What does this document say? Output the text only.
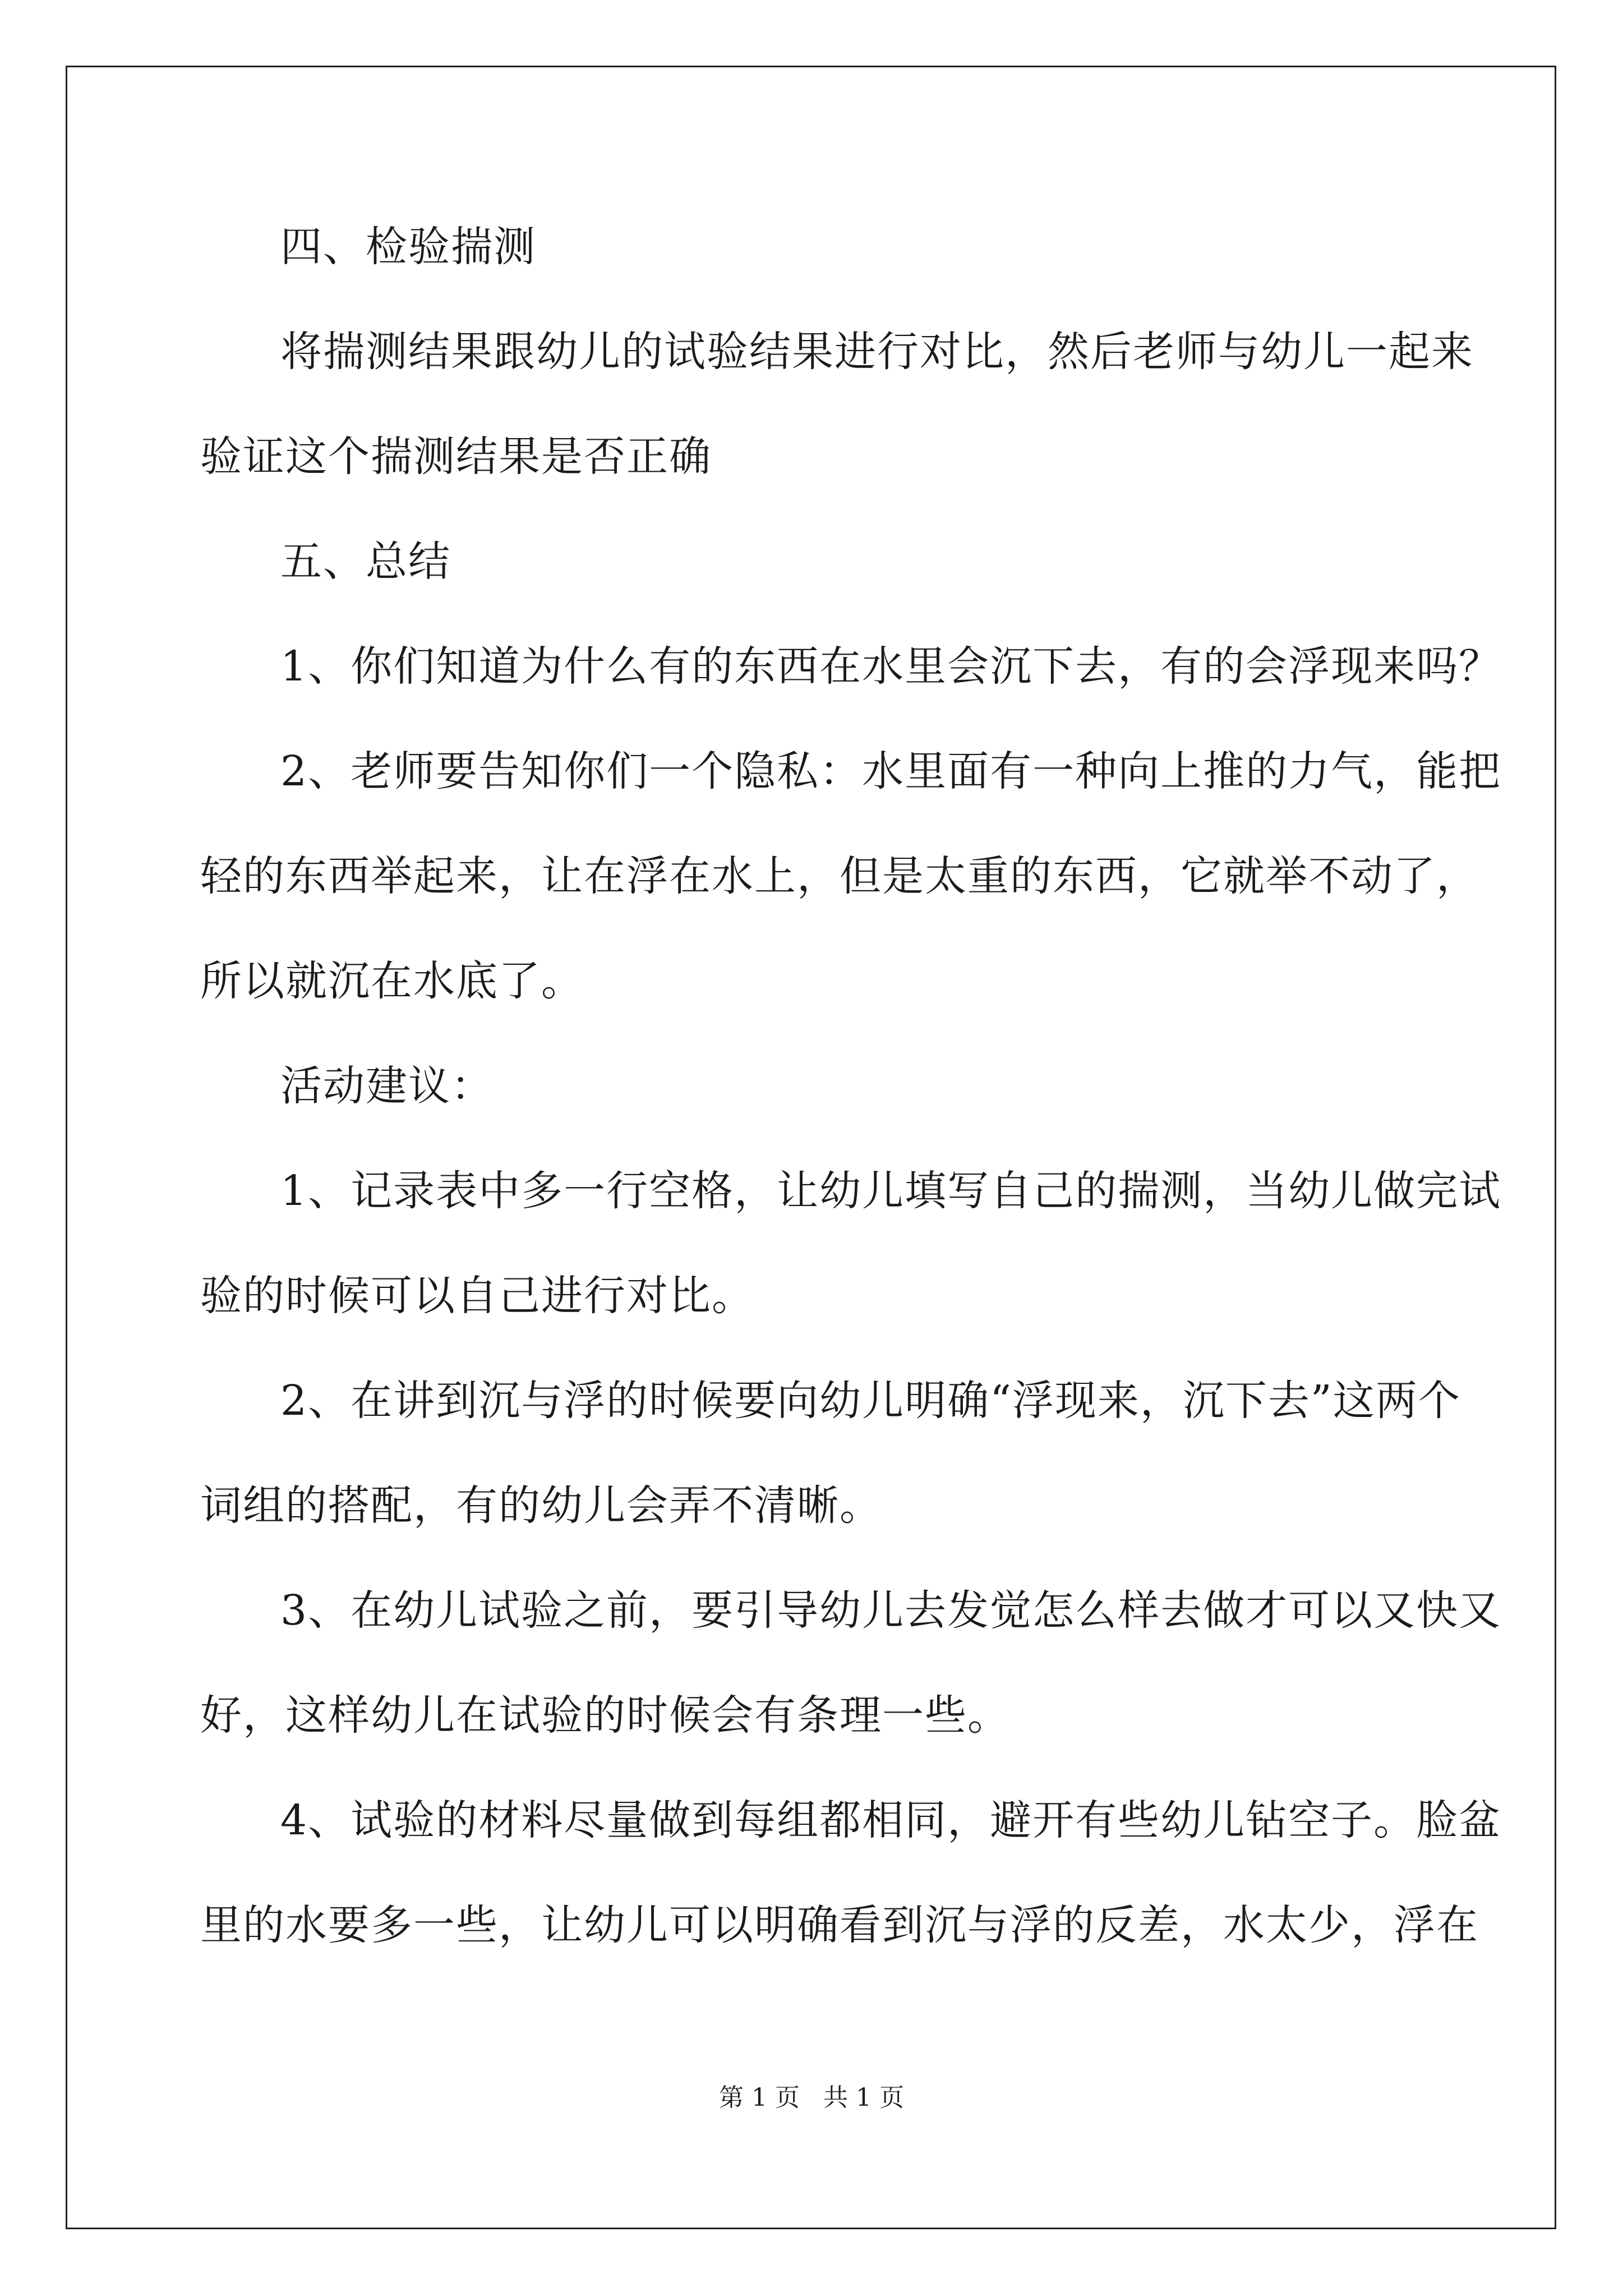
四、检验揣测
将揣测结果跟幼儿的试验结果进行对比，然后老师与幼儿一起来
验证这个揣测结果是否正确
五、总结
1、你们知道为什么有的东西在水里会沉下去，有的会浮现来吗？
2、老师要告知你们一个隐私：水里面有一种向上推的力气，能把
轻的东西举起来，让在浮在水上，但是太重的东西，它就举不动了，
所以就沉在水底了。
活动建议：
1、记录表中多一行空格，让幼儿填写自己的揣测，当幼儿做完试
验的时候可以自己进行对比。
2、在讲到沉与浮的时候要向幼儿明确“浮现来，沉下去”这两个
词组的搭配，有的幼儿会弄不清晰。
3、在幼儿试验之前，要引导幼儿去发觉怎么样去做才可以又快又
好，这样幼儿在试验的时候会有条理一些。
4、试验的材料尽量做到每组都相同，避开有些幼儿钻空子。脸盆
里的水要多一些，让幼儿可以明确看到沉与浮的反差，水太少，浮在
第 1 页   共 1 页
